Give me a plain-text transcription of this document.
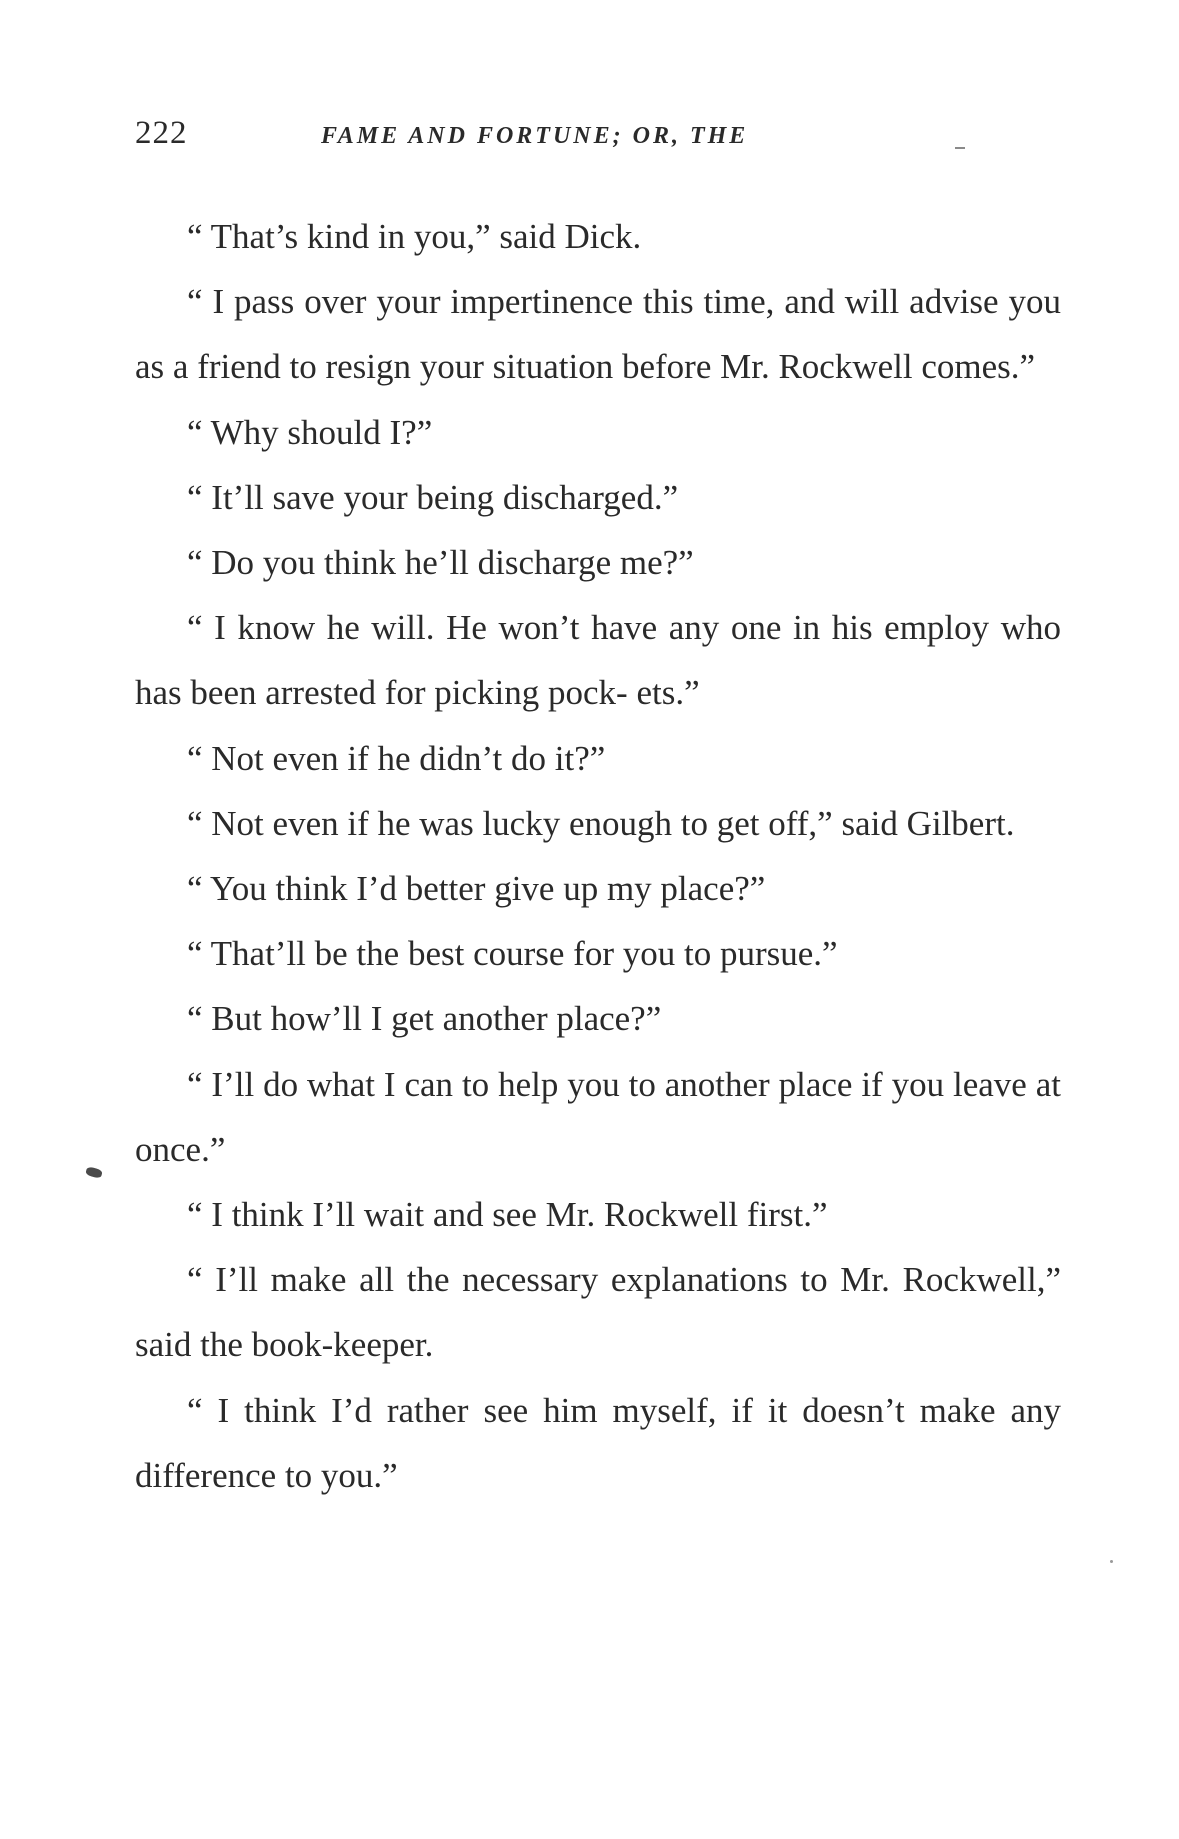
222	FAME AND FORTUNE; OR, THE

“ That’s kind in you,” said Dick.

“ I pass over your impertinence this time, and will advise you as a friend to resign your situation before Mr. Rockwell comes.”

“ Why should I?”

“ It’ll save your being discharged.”

“ Do you think he’ll discharge me?”

“ I know he will. He won’t have any one in his employ who has been arrested for picking pock- ets.”

“ Not even if he didn’t do it?”

“ Not even if he was lucky enough to get off,” said Gilbert.

“ You think I’d better give up my place?”

“ That’ll be the best course for you to pursue.”

“ But how’ll I get another place?”

“ I’ll do what I can to help you to another place if you leave at once.”

“ I think I’ll wait and see Mr. Rockwell first.”

“ I’ll make all the necessary explanations to Mr. Rockwell,” said the book-keeper.

“ I think I’d rather see him myself, if it doesn’t make any difference to you.”
